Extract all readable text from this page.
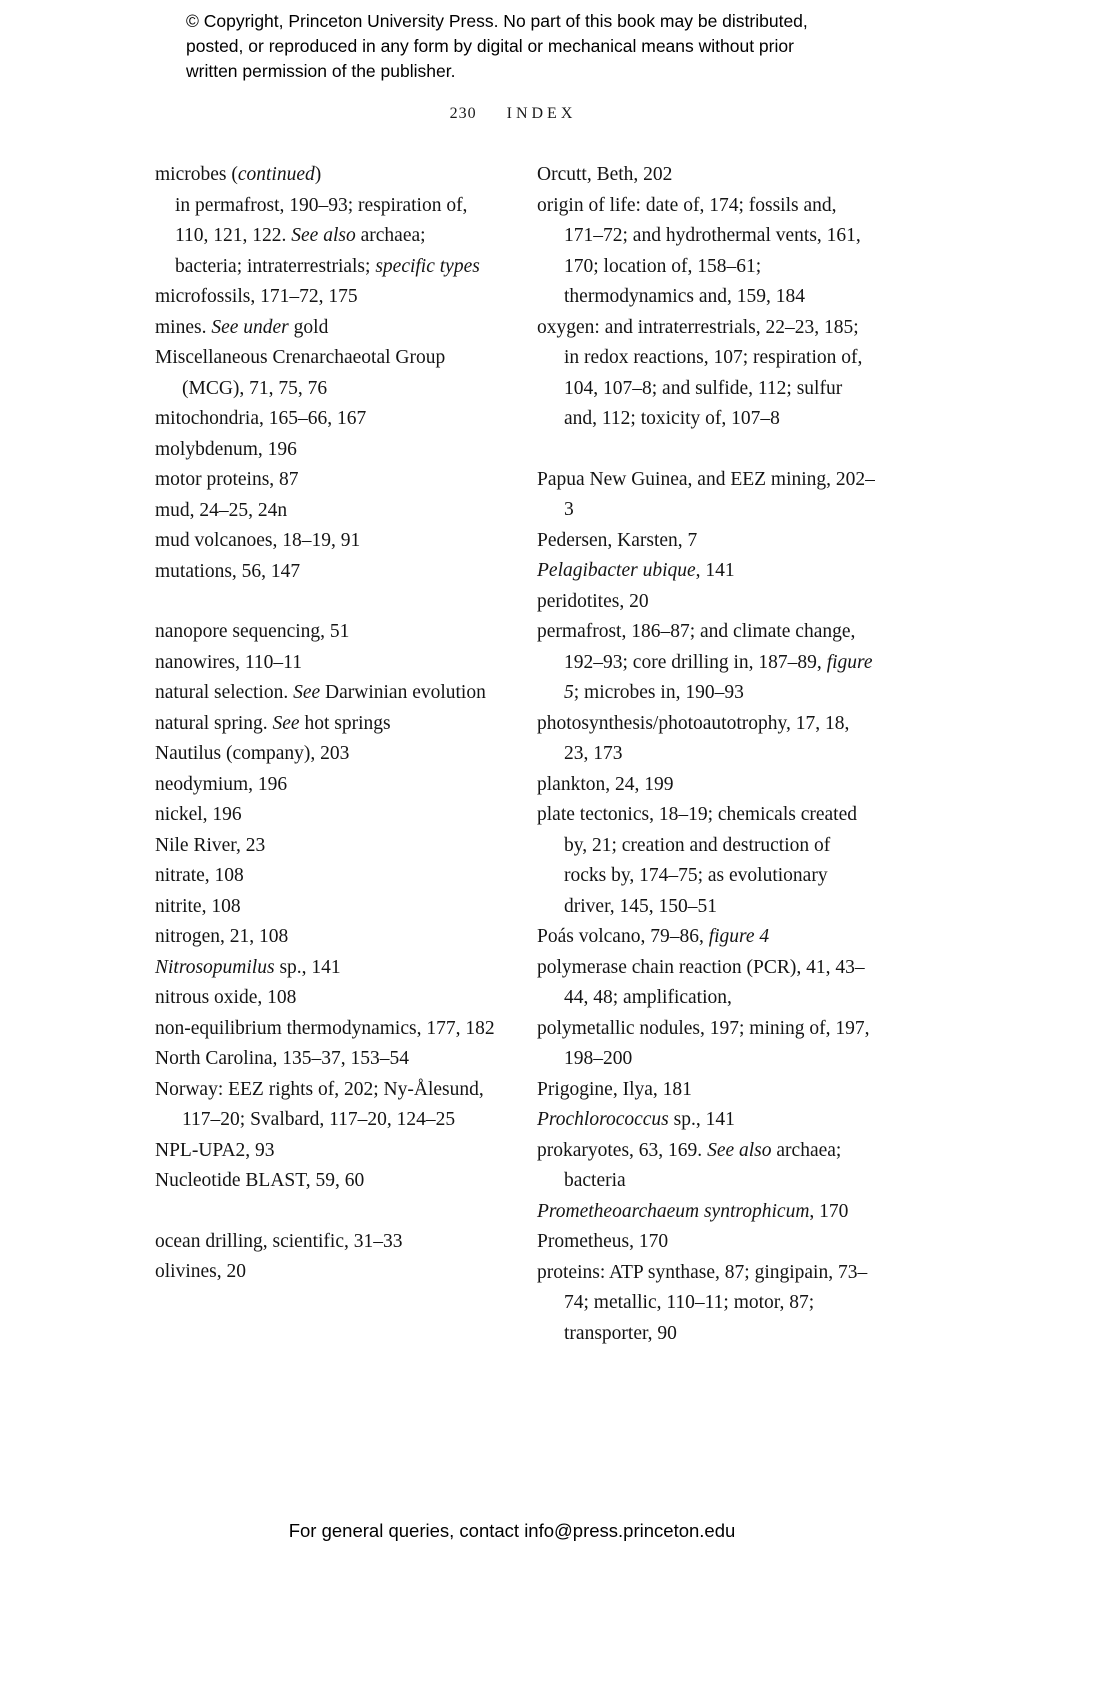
© Copyright, Princeton University Press. No part of this book may be distributed, posted, or reproduced in any form by digital or mechanical means without prior written permission of the publisher.
230 INDEX
microbes (continued)
in permafrost, 190–93; respiration of, 110, 121, 122. See also archaea; bacteria; intraterrestrials; specific types
microfossils, 171–72, 175
mines. See under gold
Miscellaneous Crenarchaeotal Group (MCG), 71, 75, 76
mitochondria, 165–66, 167
molybdenum, 196
motor proteins, 87
mud, 24–25, 24n
mud volcanoes, 18–19, 91
mutations, 56, 147
nanopore sequencing, 51
nanowires, 110–11
natural selection. See Darwinian evolution
natural spring. See hot springs
Nautilus (company), 203
neodymium, 196
nickel, 196
Nile River, 23
nitrate, 108
nitrite, 108
nitrogen, 21, 108
Nitrosopumilus sp., 141
nitrous oxide, 108
non-equilibrium thermodynamics, 177, 182
North Carolina, 135–37, 153–54
Norway: EEZ rights of, 202; Ny-Ålesund, 117–20; Svalbard, 117–20, 124–25
NPL-UPA2, 93
Nucleotide BLAST, 59, 60
ocean drilling, scientific, 31–33
olivines, 20
Orcutt, Beth, 202
origin of life: date of, 174; fossils and, 171–72; and hydrothermal vents, 161, 170; location of, 158–61; thermodynamics and, 159, 184
oxygen: and intraterrestrials, 22–23, 185; in redox reactions, 107; respiration of, 104, 107–8; and sulfide, 112; sulfur and, 112; toxicity of, 107–8
Papua New Guinea, and EEZ mining, 202–3
Pedersen, Karsten, 7
Pelagibacter ubique, 141
peridotites, 20
permafrost, 186–87; and climate change, 192–93; core drilling in, 187–89, figure 5; microbes in, 190–93
photosynthesis/photoautotrophy, 17, 18, 23, 173
plankton, 24, 199
plate tectonics, 18–19; chemicals created by, 21; creation and destruction of rocks by, 174–75; as evolutionary driver, 145, 150–51
Poás volcano, 79–86, figure 4
polymerase chain reaction (PCR), 41, 43–44, 48; amplification,
polymetallic nodules, 197; mining of, 197, 198–200
Prigogine, Ilya, 181
Prochlorococcus sp., 141
prokaryotes, 63, 169. See also archaea; bacteria
Prometheoarchaeum syntrophicum, 170
Prometheus, 170
proteins: ATP synthase, 87; gingipain, 73–74; metallic, 110–11; motor, 87; transporter, 90
For general queries, contact info@press.princeton.edu
